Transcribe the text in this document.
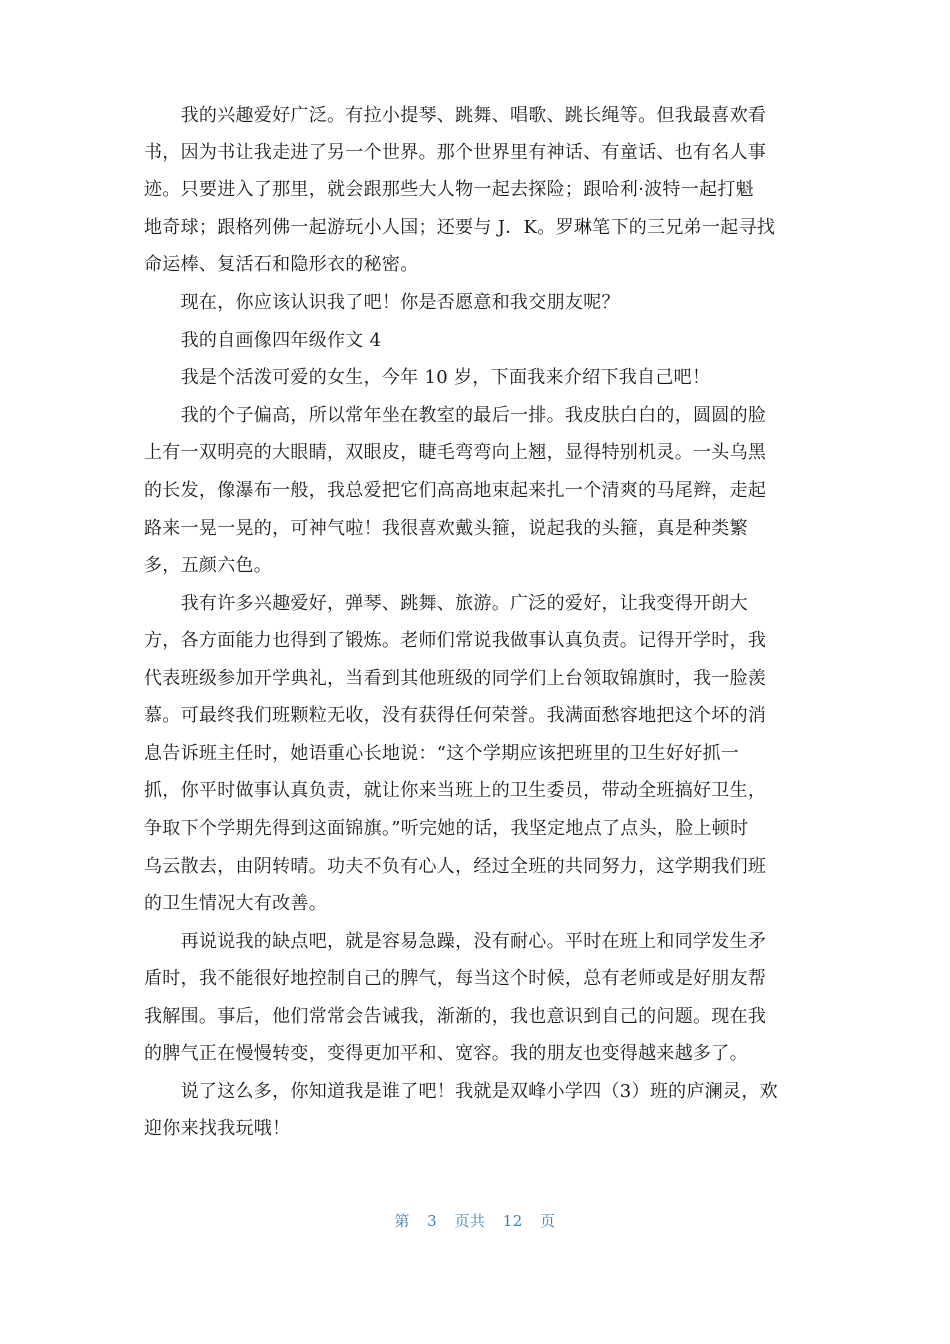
　　我的兴趣爱好广泛。有拉小提琴、跳舞、唱歌、跳长绳等。但我最喜欢看
书，因为书让我走进了另一个世界。那个世界里有神话、有童话、也有名人事
迹。只要进入了那里，就会跟那些大人物一起去探险；跟哈利·波特一起打魁
地奇球；跟格列佛一起游玩小人国；还要与 J．K。罗琳笔下的三兄弟一起寻找
命运棒、复活石和隐形衣的秘密。
　　现在，你应该认识我了吧！你是否愿意和我交朋友呢？
　　我的自画像四年级作文 4
　　我是个活泼可爱的女生，今年 10 岁，下面我来介绍下我自己吧！
　　我的个子偏高，所以常年坐在教室的最后一排。我皮肤白白的，圆圆的脸
上有一双明亮的大眼睛，双眼皮，睫毛弯弯向上翘，显得特别机灵。一头乌黑
的长发，像瀑布一般，我总爱把它们高高地束起来扎一个清爽的马尾辫，走起
路来一晃一晃的，可神气啦！我很喜欢戴头箍，说起我的头箍，真是种类繁
多，五颜六色。
　　我有许多兴趣爱好，弹琴、跳舞、旅游。广泛的爱好，让我变得开朗大
方，各方面能力也得到了锻炼。老师们常说我做事认真负责。记得开学时，我
代表班级参加开学典礼，当看到其他班级的同学们上台领取锦旗时，我一脸羡
慕。可最终我们班颗粒无收，没有获得任何荣誉。我满面愁容地把这个坏的消
息告诉班主任时，她语重心长地说：“这个学期应该把班里的卫生好好抓一
抓，你平时做事认真负责，就让你来当班上的卫生委员，带动全班搞好卫生，
争取下个学期先得到这面锦旗。”听完她的话，我坚定地点了点头，脸上顿时
乌云散去，由阴转晴。功夫不负有心人，经过全班的共同努力，这学期我们班
的卫生情况大有改善。
　　再说说我的缺点吧，就是容易急躁，没有耐心。平时在班上和同学发生矛
盾时，我不能很好地控制自己的脾气，每当这个时候，总有老师或是好朋友帮
我解围。事后，他们常常会告诫我，渐渐的，我也意识到自己的问题。现在我
的脾气正在慢慢转变，变得更加平和、宽容。我的朋友也变得越来越多了。
　　说了这么多，你知道我是谁了吧！我就是双峰小学四（3）班的庐澜灵，欢
迎你来找我玩哦！
第 3 页共 12 页
